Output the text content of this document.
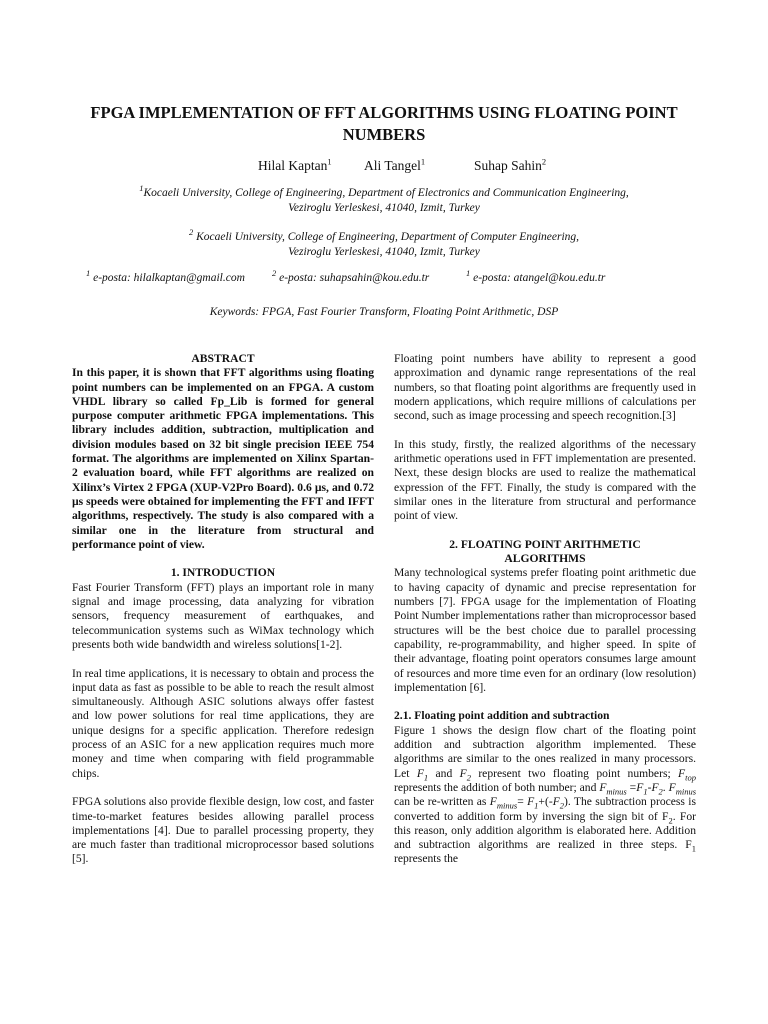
FPGA IMPLEMENTATION OF FFT ALGORITHMS USING FLOATING POINT NUMBERS
Hilal Kaptan$^1$ Ali Tangel$^1$	Suhap Sahin$^2$
$^1$Kocaeli University, College of Engineering, Department of Electronics and Communication Engineering,
Veziroglu Yerleskesi, 41040, Izmit, Turkey
$^2$ Kocaeli University, College of Engineering, Department of Computer Engineering,
Veziroglu Yerleskesi, 41040, Izmit, Turkey
$^1$ e-posta: hilalkaptan@gmail.com	$^2$ e-posta: suhapsahin@kou.edu.tr	$^1$ e-posta: atangel@kou.edu.tr
Keywords: FPGA, Fast Fourier Transform, Floating Point Arithmetic, DSP
ABSTRACT

In this paper, it is shown that FFT algorithms using floating point numbers can be implemented on an FPGA. A custom VHDL library so called Fp_Lib is formed for general purpose computer arithmetic FPGA implementations. This library includes addition, subtraction, multiplication and division modules based on 32 bit single precision IEEE 754 format. The algorithms are implemented on Xilinx Spartan-2 evaluation board, while FFT algorithms are realized on Xilinx’s Virtex 2 FPGA (XUP-V2Pro Board). 0.6 µs, and 0.72 µs speeds were obtained for implementing the FFT and IFFT algorithms, respectively. The study is also compared with a similar one in the literature from structural and performance point of view.

1. INTRODUCTION

Fast Fourier Transform (FFT) plays an important role in many signal and image processing, data analyzing for vibration sensors, frequency measurement of earthquakes, and telecommunication systems such as WiMax technology which presents both wide bandwidth and wireless solutions[1-2].

In real time applications, it is necessary to obtain and process the input data as fast as possible to be able to reach the result almost simultaneously. Although ASIC solutions always offer fastest and low power solutions for real time applications, they are unique designs for a specific application. Therefore redesign process of an ASIC for a new application requires much more money and time when comparing with field programmable chips.

FPGA solutions also provide flexible design, low cost, and faster time-to-market features besides allowing parallel process implementations [4]. Due to parallel processing property, they are much faster than traditional microprocessor based solutions [5].

Floating point numbers have ability to represent a good approximation and dynamic range representations of the real numbers, so that floating point algorithms are frequently used in modern applications, which require millions of calculations per second, such as image processing and speech recognition.[3]

In this study, firstly, the realized algorithms of the necessary arithmetic operations used in FFT implementation are presented. Next, these design blocks are used to realize the mathematical expression of the FFT. Finally, the study is compared with the similar ones in the literature from structural and performance point of view.

2. FLOATING POINT ARITHMETIC
ALGORITHMS

Many technological systems prefer floating point arithmetic due to having capacity of dynamic and precise representation for numbers [7]. FPGA usage for the implementation of Floating Point Number implementations rather than microprocessor based structures will be the best choice due to parallel processing capability, re-programmability, and higher speed. In spite of their advantage, floating point operators consumes large amount of resources and more time even for an ordinary (low resolution) implementation [6].

2.1. Floating point addition and subtraction

Figure 1 shows the design flow chart of the floating point addition and subtraction algorithm implemented. These algorithms are similar to the ones realized in many processors. Let $F_1$ and $F_2$ represent two floating point numbers; $F_{top}$ represents the addition of both number; and $F_{minus} =F_1-F_2$. $F_{minus}$ can be re-written as $F_{minus}= F_1+(-F_2)$. The subtraction process is converted to addition form by inversing the sign bit of $F_2$. For this reason, only addition algorithm is elaborated here. Addition and subtraction algorithms are realized in three steps. $F_1$ represents the
